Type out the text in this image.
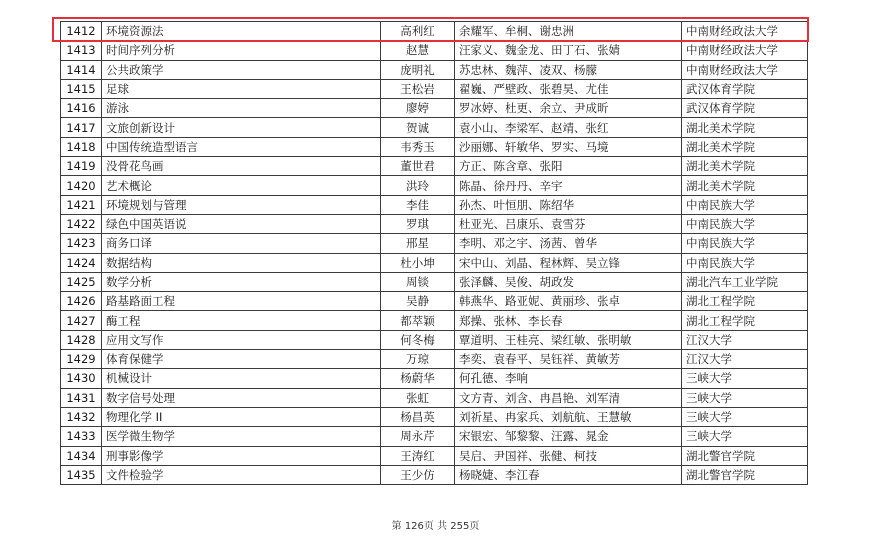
1412	环境资源法	高利红	余耀军、牟桐、谢忠洲	中南财经政法大学
1413	时间序列分析	赵慧	汪家义、魏金龙、田丁石、张婧	中南财经政法大学
1414	公共政策学	庞明礼	苏忠林、魏萍、凌双、杨朦	中南财经政法大学
1415	足球	王松岩	翟巍、严壁政、张碧昊、尤佳	武汉体育学院
1416	游泳	廖婷	罗冰婷、杜更、余立、尹成昕	武汉体育学院
1417	文旅创新设计	贺诚	袁小山、李梁军、赵靖、张红	湖北美术学院
1418	中国传统造型语言	韦秀玉	沙丽娜、轩敏华、罗实、马境	湖北美术学院
1419	没骨花鸟画	董世君	方正、陈含章、张阳	湖北美术学院
1420	艺术概论	洪玲	陈晶、徐丹丹、辛宇	湖北美术学院
1421	环境规划与管理	李佳	孙杰、叶恒朋、陈绍华	中南民族大学
1422	绿色中国英语说	罗琪	杜亚光、吕康乐、袁雪芬	中南民族大学
1423	商务口译	邢星	李明、邓之宇、汤茜、曾华	中南民族大学
1424	数据结构	杜小坤	宋中山、刘晶、程林辉、吴立锋	中南民族大学
1425	数学分析	周锬	张泽麟、吴俊、胡政发	湖北汽车工业学院
1426	路基路面工程	吴静	韩燕华、路亚妮、黄丽珍、张卓	湖北工程学院
1427	酶工程	都萃颖	郑操、张林、李长春	湖北工程学院
1428	应用文写作	何冬梅	覃道明、王桂亮、梁红敏、张明敏	江汉大学
1429	体育保健学	万琼	李奕、袁春平、吴钰祥、黄敏芳	江汉大学
1430	机械设计	杨蔚华	何孔德、李响	三峡大学
1431	数字信号处理	张虹	文方青、刘含、冉昌艳、刘军清	三峡大学
1432	物理化学 II	杨昌英	刘祈星、冉家兵、刘航航、王慧敏	三峡大学
1433	医学微生物学	周永芹	宋银宏、邹黎黎、汪露、晁金	三峡大学
1434	刑事影像学	王涛红	吴启、尹国祥、张健、柯技	湖北警官学院
1435	文件检验学	王少仿	杨晓婕、李江春	湖北警官学院
第 126页 共 255页
